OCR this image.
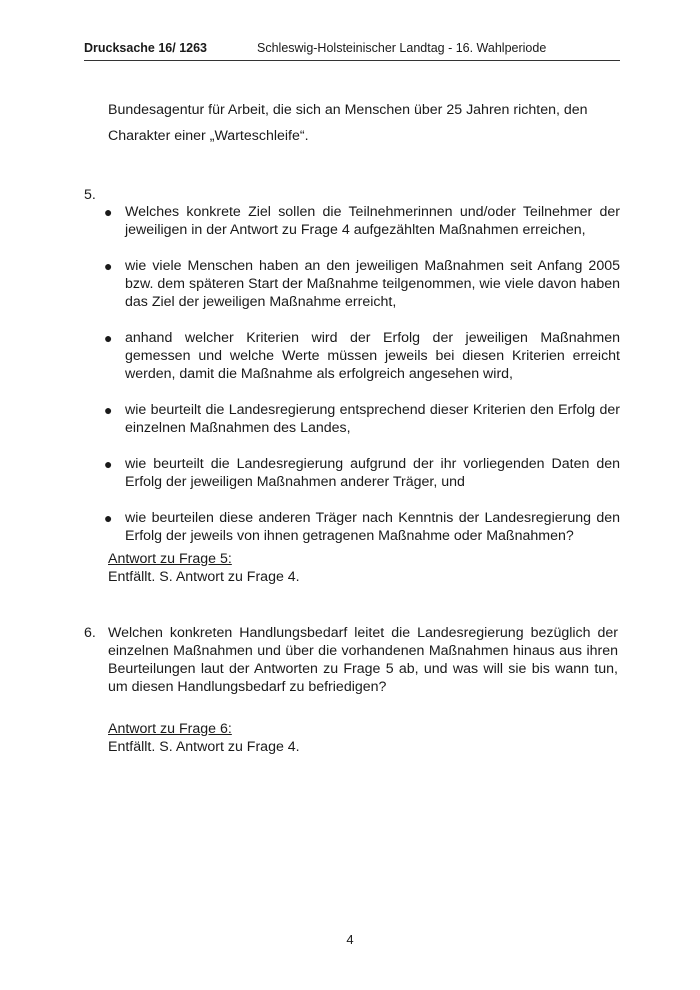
Drucksache 16/ 1263	Schleswig-Holsteinischer Landtag - 16. Wahlperiode
Bundesagentur für Arbeit, die sich an Menschen über 25 Jahren richten, den Charakter einer „Warteschleife“.
5.
● Welches konkrete Ziel sollen die Teilnehmerinnen und/oder Teilnehmer der jeweiligen in der Antwort zu Frage 4 aufgezählten Maßnahmen erreichen,
● wie viele Menschen haben an den jeweiligen Maßnahmen seit Anfang 2005 bzw. dem späteren Start der Maßnahme teilgenommen, wie viele davon haben das Ziel der jeweiligen Maßnahme erreicht,
● anhand welcher Kriterien wird der Erfolg der jeweiligen Maßnahmen gemessen und welche Werte müssen jeweils bei diesen Kriterien erreicht werden, damit die Maßnahme als erfolgreich angesehen wird,
● wie beurteilt die Landesregierung entsprechend dieser Kriterien den Erfolg der einzelnen Maßnahmen des Landes,
● wie beurteilt die Landesregierung aufgrund der ihr vorliegenden Daten den Erfolg der jeweiligen Maßnahmen anderer Träger, und
● wie beurteilen diese anderen Träger nach Kenntnis der Landesregierung den Erfolg der jeweils von ihnen getragenen Maßnahme oder Maßnahmen?
Antwort zu Frage 5:
Entfällt. S. Antwort zu Frage 4.
6. Welchen konkreten Handlungsbedarf leitet die Landesregierung bezüglich der einzelnen Maßnahmen und über die vorhandenen Maßnahmen hinaus aus ihren Beurteilungen laut der Antworten zu Frage 5 ab, und was will sie bis wann tun, um diesen Handlungsbedarf zu befriedigen?
Antwort zu Frage 6:
Entfällt. S. Antwort zu Frage 4.
4
